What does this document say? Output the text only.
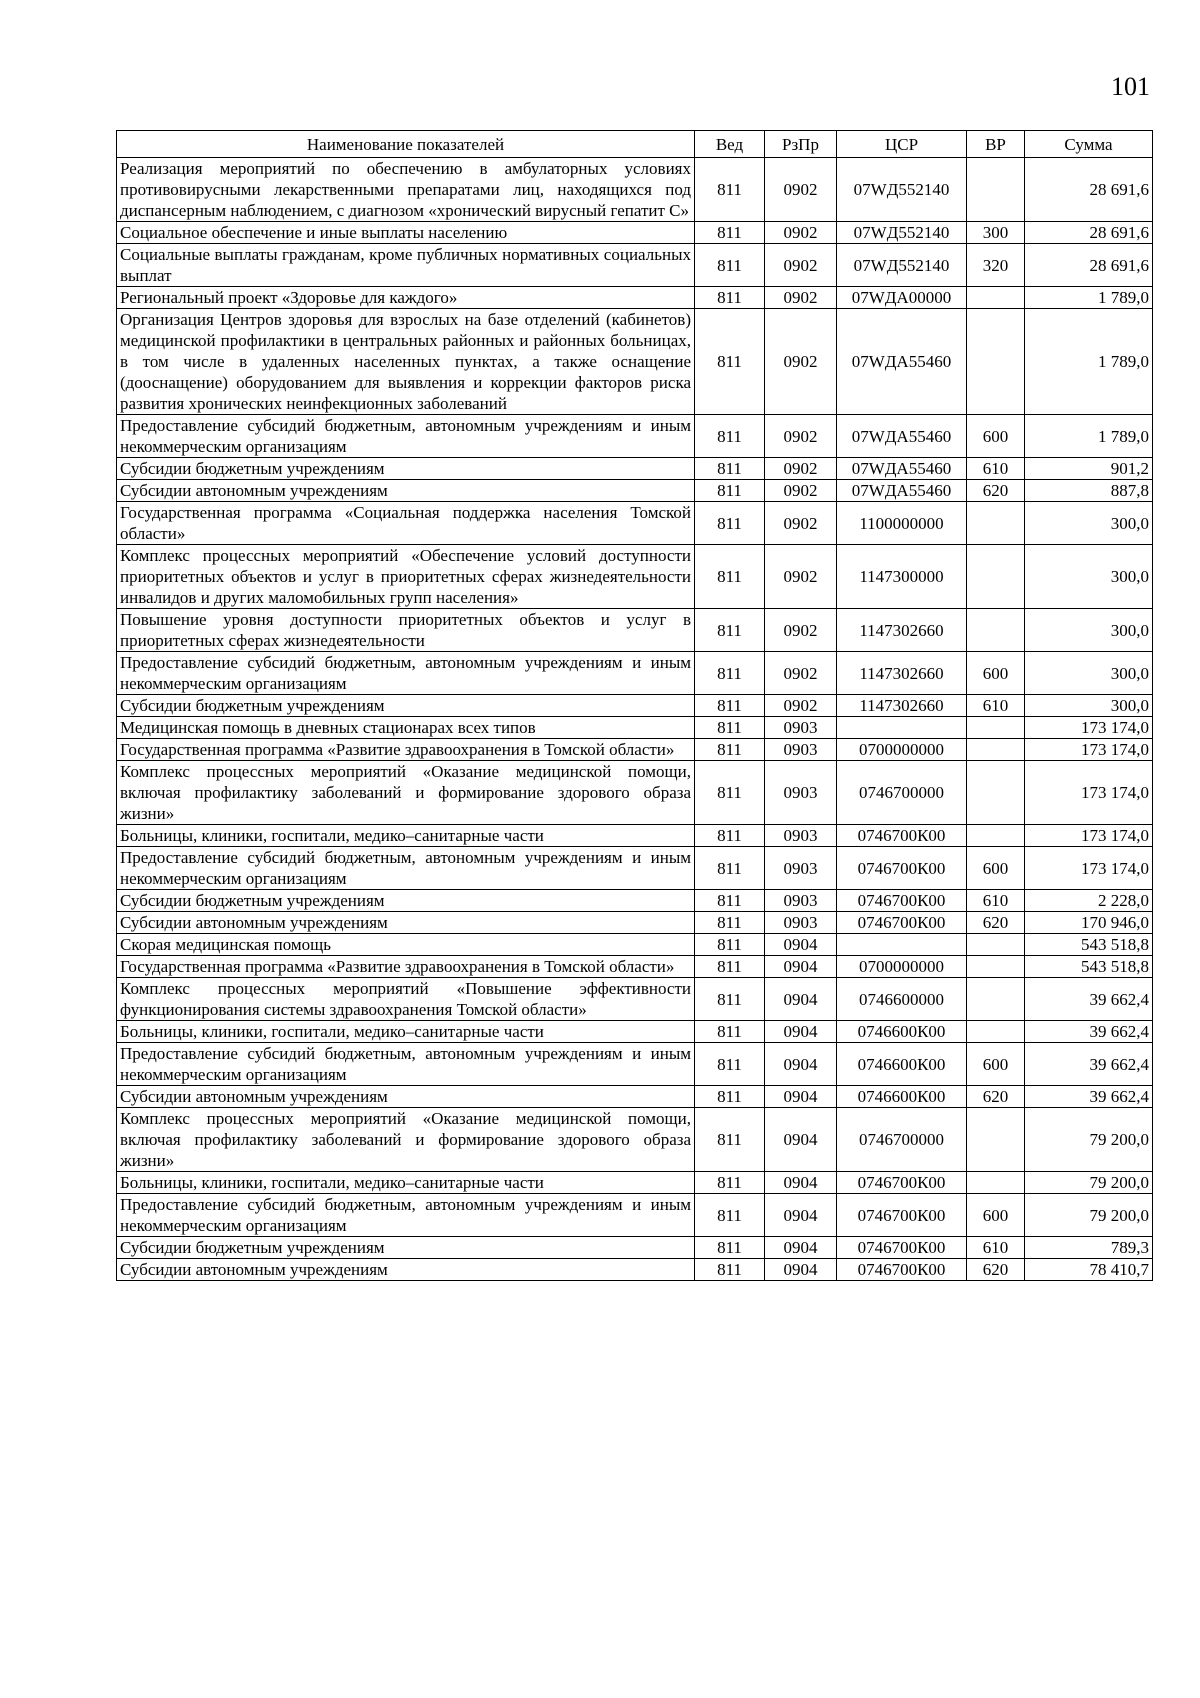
101
Наименование показателей	Вед	РзПр	ЦСР	ВР	Сумма
Реализация мероприятий по обеспечению в амбулаторных условиях противовирусными лекарственными препаратами лиц, находящихся под диспансерным наблюдением, с диагнозом «хронический вирусный гепатит С»	811	0902	07WД552140		28 691,6
Социальное обеспечение и иные выплаты населению	811	0902	07WД552140	300	28 691,6
Социальные выплаты гражданам, кроме публичных нормативных социальных выплат	811	0902	07WД552140	320	28 691,6
Региональный проект «Здоровье для каждого»	811	0902	07WДА00000		1 789,0
Организация Центров здоровья для взрослых на базе отделений (кабинетов) медицинской профилактики в центральных районных и районных больницах, в том числе в удаленных населенных пунктах, а также оснащение (дооснащение) оборудованием для выявления и коррекции факторов риска развития хронических неинфекционных заболеваний	811	0902	07WДА55460		1 789,0
Предоставление субсидий бюджетным, автономным учреждениям и иным некоммерческим организациям	811	0902	07WДА55460	600	1 789,0
Субсидии бюджетным учреждениям	811	0902	07WДА55460	610	901,2
Субсидии автономным учреждениям	811	0902	07WДА55460	620	887,8
Государственная программа «Социальная поддержка населения Томской области»	811	0902	1100000000		300,0
Комплекс процессных мероприятий «Обеспечение условий доступности приоритетных объектов и услуг в приоритетных сферах жизнедеятельности инвалидов и других маломобильных групп населения»	811	0902	1147300000		300,0
Повышение уровня доступности приоритетных объектов и услуг в приоритетных сферах жизнедеятельности	811	0902	1147302660		300,0
Предоставление субсидий бюджетным, автономным учреждениям и иным некоммерческим организациям	811	0902	1147302660	600	300,0
Субсидии бюджетным учреждениям	811	0902	1147302660	610	300,0
Медицинская помощь в дневных стационарах всех типов	811	0903			173 174,0
Государственная программа «Развитие здравоохранения в Томской области»	811	0903	0700000000		173 174,0
Комплекс процессных мероприятий «Оказание медицинской помощи, включая профилактику заболеваний и формирование здорового образа жизни»	811	0903	0746700000		173 174,0
Больницы, клиники, госпитали, медико–санитарные части	811	0903	0746700К00		173 174,0
Предоставление субсидий бюджетным, автономным учреждениям и иным некоммерческим организациям	811	0903	0746700К00	600	173 174,0
Субсидии бюджетным учреждениям	811	0903	0746700К00	610	2 228,0
Субсидии автономным учреждениям	811	0903	0746700К00	620	170 946,0
Скорая медицинская помощь	811	0904			543 518,8
Государственная программа «Развитие здравоохранения в Томской области»	811	0904	0700000000		543 518,8
Комплекс процессных мероприятий «Повышение эффективности функционирования системы здравоохранения Томской области»	811	0904	0746600000		39 662,4
Больницы, клиники, госпитали, медико–санитарные части	811	0904	0746600К00		39 662,4
Предоставление субсидий бюджетным, автономным учреждениям и иным некоммерческим организациям	811	0904	0746600К00	600	39 662,4
Субсидии автономным учреждениям	811	0904	0746600К00	620	39 662,4
Комплекс процессных мероприятий «Оказание медицинской помощи, включая профилактику заболеваний и формирование здорового образа жизни»	811	0904	0746700000		79 200,0
Больницы, клиники, госпитали, медико–санитарные части	811	0904	0746700К00		79 200,0
Предоставление субсидий бюджетным, автономным учреждениям и иным некоммерческим организациям	811	0904	0746700К00	600	79 200,0
Субсидии бюджетным учреждениям	811	0904	0746700К00	610	789,3
Субсидии автономным учреждениям	811	0904	0746700К00	620	78 410,7
